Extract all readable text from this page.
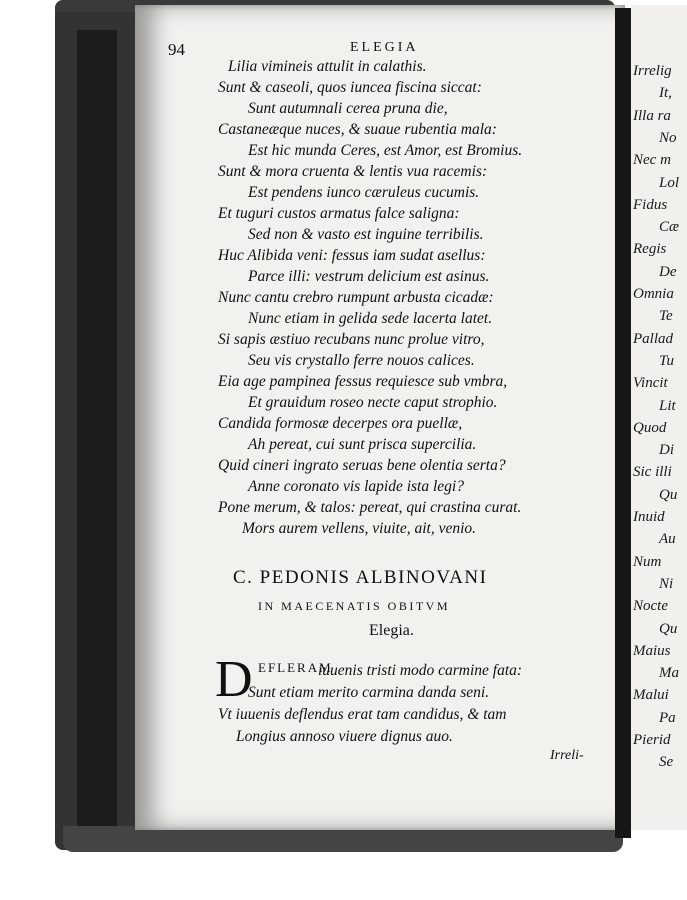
Irrelig
It,
Illa ra
No
Nec m
Lol
Fidus
Cæ
Regis
De
Omnia
Te
Pallad
Tu
Vincit
Lit
Quod
Di
Sic illi
Qu
Inuid
Au
Num
Ni
Nocte
Qu
Maius
Ma
Malui
Pa
Pierid
Se
94	ELEGIA
Lilia vimineis attulit in calathis.
Sunt & caseoli, quos iuncea fiscina siccat:
Sunt autumnali cerea pruna die,
Castaneæque nuces, & suaue rubentia mala:
Est hic munda Ceres, est Amor, est Bromius.
Sunt & mora cruenta & lentis vua racemis:
Est pendens iunco cæruleus cucumis.
Et tuguri custos armatus falce saligna:
Sed non & vasto est inguine terribilis.
Huc Alibida veni: fessus iam sudat asellus:
Parce illi: vestrum delicium est asinus.
Nunc cantu crebro rumpunt arbusta cicadæ:
Nunc etiam in gelida sede lacerta latet.
Si sapis æstiuo recubans nunc prolue vitro,
Seu vis crystallo ferre nouos calices.
Eia age pampinea fessus requiesce sub vmbra,
Et grauidum roseo necte caput strophio.
Candida formosæ decerpes ora puellæ,
Ah pereat, cui sunt prisca supercilia.
Quid cineri ingrato seruas bene olentia serta?
Anne coronato vis lapide ista legi?
Pone merum, & talos: pereat, qui crastina curat.
Mors aurem vellens, viuite, ait, venio.
C. PEDONIS ALBINOVANI
IN MAECENATIS OBITVM
Elegia.
D EFLERAM
iuuenis tristi modo carmine fata:
Sunt etiam merito carmina danda seni.
Vt iuuenis deflendus erat tam candidus, & tam
Longius annoso viuere dignus auo.
Irreli-
